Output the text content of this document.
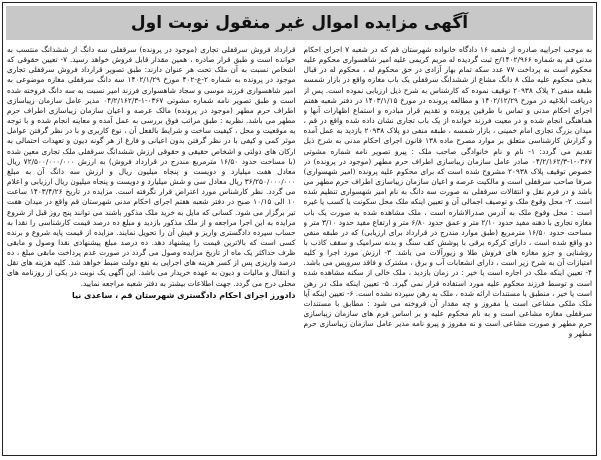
آگهی مزایده اموال غیر منقول نوبت اول

به موجب اجراییه صادره از شعبه ۱۶ دادگاه خانواده شهرستان قم که در شعبه ۷ اجرای احکام مدنی قم به شماره ۱۴۰۲/۹۶۶/ج ثبت گردیده له مریم کریمی علیه امیر شاهسواری محکوم علیه محکوم است به پرداخت ۷۷ عدد سکه تمام بهار آزادی در حق محکوم له ، محکوم له در قبال بدهی محکوم علیه ملک ۸ دانگ مشاع از ششدانگ سرقفلی یک باب مغازه واقع در بازار شمسه طبقه منفی ۲ پلاک ۲۰۹۳۸ توقیف نموده که کارشناس به شرح ذیل ارزیابی نموده است. پس از دریافت ابلاغیه در مورخ ۱۴۰۲/۱۲/۲۹ و مطالعه پرونده در مورخ ۱۴۰۳/۱/۱۵ در دفتر شعبه هفتم اجرای احکام مدنی و تماس با طرفین پرونده و تقدیم قرار مبادره و استماع اظهارات آنها و هماهنگی انجام شده و در معیت فرزند خوانده از یک باب تجاری نشان داده شده واقع در قم ، میدان بزرگ تجاری امام خمینی ، بازار شمسه ، طبقه منفی دو پلاک ۲۰۹۳۸ بازدید به عمل آمده و گزارش کارشناسی متعلق بر موارد مصرح ماده ۱۳۸ قانون اجرای احکام مدنی به شرح ذیل تقدیم می گردد: ۱- نام و نام خانوادگی صاحب ملک : پیرو تصویر نامه شماره مشوتی ۰۳۶۷-۱-۰۴/۲/۱۶۲/۳ صادر عامل سازمان زیباسازی اطراف حرم مطهر (موجود در پرونده) در خصوص توقیف پلاک ۲۰۹۳۸ مشروح شده است که برای محکوم علیه پرونده (امیر شهسواری) صرفا صاحب سرقفلی است و مالکیت عرصه و اعیان سازمان زیباسازی اطراف حرم مطهر می باشد و در فرم نقل و انتقالات سرقفلی به صورت سه دانگ به نام امیر شهسواری تنظیم شده است. ۲- محل وقوع ملک و توصیف اجمالی آن و تعیین اینکه ملک محل سکونت یا کسب یا غیره است : محل وقوع ملک به آدرس صدرالاشاره است ، ملک مشاهده شده به صورت یک باب مغازه تجاری با دهنه مفید حدود ۲/۱۰ متر و عمق حدود ۶/۸۰ متر و ارتفاع مفید حدود ۳/۱۰ متر و مساحت حدود ۱۶/۵۰ مترمربع (طبق موارد مندرج در قرارداد برای ارزیابی) که در طبقه منفی دو واقع شده است ، دارای کرکره برقی با پوشش کف سنگ و بدنه سرامیک و سقف کاذب با روشنایی و جزو مغازه های فروش طلا و زیورآلات می باشد. ۳- ارزش مورد اجرا و کلیه امتیازات آن به شرح زیر است ، دارای انشعابات آب و برق ، مشترک و فاقد سرویس می باشد. ۴- تعیین اینکه ملک در اجاره است یا خیر : در زمان بازدید ، ملک خالی از سکنه مشاهده شده است و توسط فرزند محکوم علیه مورد استفاده قرار نمی گیرد. ۵- تعیین اینکه ملک در رهن است یا خیر ، منطبق با مستندات ارائه شده ، ملک به رهن سپرده نشده است. ۶- تعیین اینکه آیا ملک ملکی مشاعی است یا مفروز و چه مقدار آن فروخته می شود : مطابق با مستندات سرقفلی مغازه مشاعی است و به نام محکوم علیه و بر اساس فرم های سازمان زیباسازی حرم مطهر و صورت مشاعی است و نه مفروز و پیرو نامه مدیر عامل سازمان زیباسازی حرم مطهر و

قرارداد فروش سرقفلی تجاری (موجود در پرونده) سرقفلی سه دانگ از ششدانگ منتسب به خوانده است و طبق قرار صادره ، همین مقدار قابل فروش خواهد رسید. ۷- تعیین حقوقی که اشخاص نسبت به آن ملک تحت هر عنوان دارند: طبق تصویر قرارداد فروش سرقفلی تجاری موجود در پرونده به شماره ۲-ع-۴۰۲ مورخ ۱۴۰۲/۱/۲۹ سه دانگ سرقفلی مغازه موضوعی به امیر شاهسواری فرزند موسی و سجاد شاهسواری فرزند امیر نسبت به سه دانگ فروخته شده است و طبق تصویر نامه شماره مشوتی ۰۳۶۷-۱-۰۴/۲/۱۶۲/۳ مدیر عامل سازمان زیباسازی اطراف حرم مطهر (موجود در پرونده) مالک عرصه و اعیان سازمان زیباسازی اطراف حرم مطهر می باشد. نظریه : طبق مراتب فوق بررسی به عمل آمده و معاینه انجام شده و با توجه به موقعیت و محل ، کیفیت ساخت و شرایط بالفعل آن ، نوع کاربری و با در نظر گرفتن عوامل موثر کمی و کیفی با در نظر گرفتن بدون اعیانی و فارغ از هر گونه دیون و تعهدات احتمالی به ارکان های دولتی و اشخاص حقیقی و حقوقی ارزش ششدانگ سرقفلی ملک تجاری معین شده (با مساحت حدود ۱۶/۵۰ مترمربع مندرج در قرارداد فروش) به ارزش ۷۲/۵۰۰/۰۰۰/۰۰۰ ریال معادل هفت میلیارد و دویست و پنجاه میلیون ریال و ارزش سه دانگ آن به مبلغ ۳۶/۲۵۰/۰۰۰/۰۰۰ ریال معادل سی و شش میلیارد و دویست و پنجاه میلیون ریال ارزیابی و اعلام می گردد. نظر کارشناس مورد اعتراض قرار نگرفته است. مزایده در تاریخ ۱۴۰۳/۴/۲۶ ساعت ۱۰ الی ۱۰/۱۵ صبح در دفتر شعبه هفتم اجرای احکام مدنی شهرستان قم واقع در میدان هفت تیر برگزار می شود. کسانی که مایل به خرید ملک مذکور باشند می توانند پنج روز قبل از شروع مزایده به این اجرا مراجعه و از ملک مذکور بازدید و مبلغ ده درصد قیمت کارشناسی را نقدا به حساب سپرده دادگستری واریز و فیش آن را تحویل نمایند. مزایده از قیمت پایه شروع و برنده کسی است که بالاترین قیمت را پیشنهاد دهد. ده درصد مبلغ پیشنهادی نقدا وصول و مابقی ظرف حداکثر یک ماه از تاریخ مزایده وصول می گردد در صورت عدم پرداخت مابقی مبلغ ، ده درصد واریزی پس از کسر هزینه های اجرایی به نفع دولت ضبط خواهد شد. کلیه هزینه های نقل و انتقال و مالیات و دیون به عهده خریدار می باشد. این آگهی یک نوبت در یکی از روزنامه های محلی درج می گردد. جهت اطلاعات بیشتر به دفتر شعبه مراجعه نمایید.

دادورز اجرای احکام دادگستری شهرستان قم ، ساعدی نیا
